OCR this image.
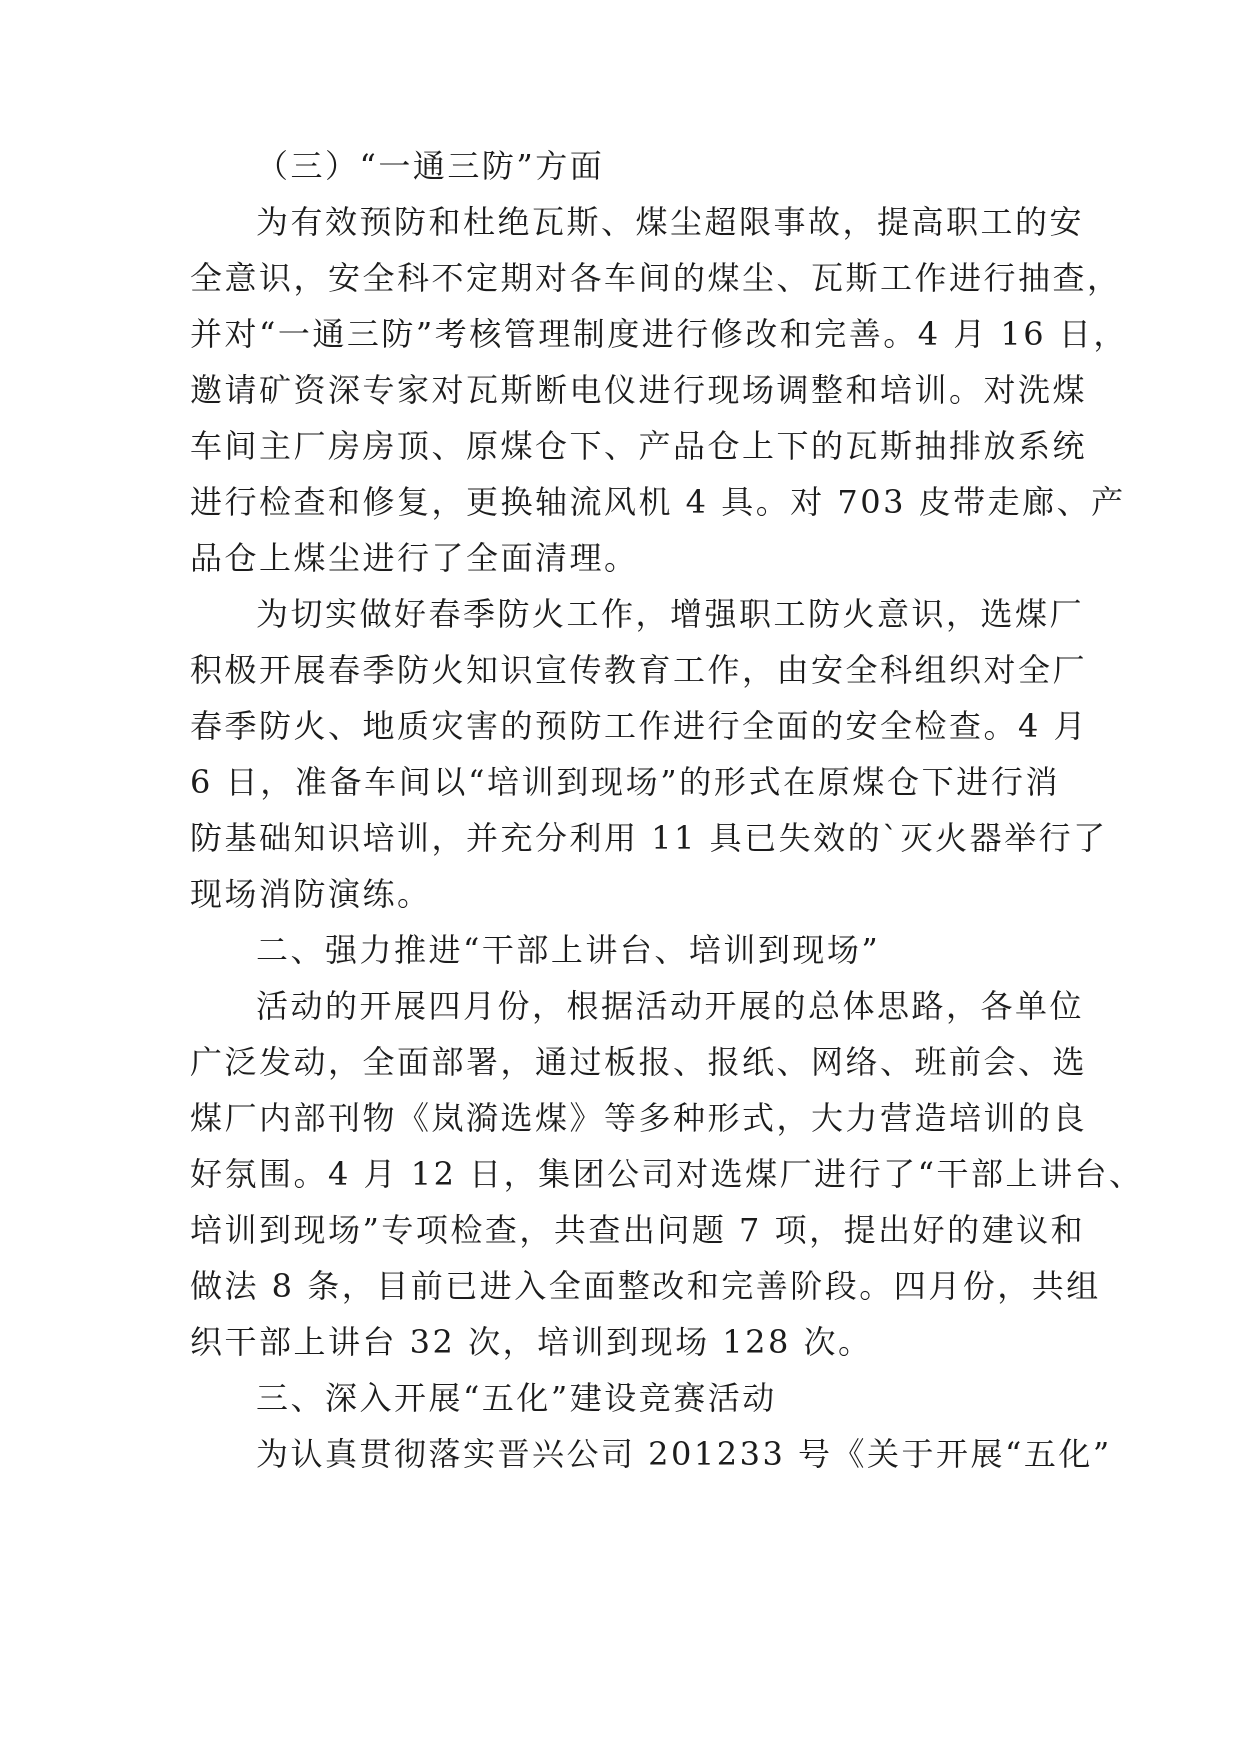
（三）“一通三防”方面
为有效预防和杜绝瓦斯、煤尘超限事故，提高职工的安
全意识，安全科不定期对各车间的煤尘、瓦斯工作进行抽查，
并对“一通三防”考核管理制度进行修改和完善。4 月 16 日，
邀请矿资深专家对瓦斯断电仪进行现场调整和培训。对洗煤
车间主厂房房顶、原煤仓下、产品仓上下的瓦斯抽排放系统
进行检查和修复，更换轴流风机 4 具。对 703 皮带走廊、产
品仓上煤尘进行了全面清理。
为切实做好春季防火工作，增强职工防火意识，选煤厂
积极开展春季防火知识宣传教育工作，由安全科组织对全厂
春季防火、地质灾害的预防工作进行全面的安全检查。4 月
6 日，准备车间以“培训到现场”的形式在原煤仓下进行消
防基础知识培训，并充分利用 11 具已失效的`灭火器举行了
现场消防演练。
二、强力推进“干部上讲台、培训到现场”
活动的开展四月份，根据活动开展的总体思路，各单位
广泛发动，全面部署，通过板报、报纸、网络、班前会、选
煤厂内部刊物《岚漪选煤》等多种形式，大力营造培训的良
好氛围。4 月 12 日，集团公司对选煤厂进行了“干部上讲台、
培训到现场”专项检查，共查出问题 7 项，提出好的建议和
做法 8 条，目前已进入全面整改和完善阶段。四月份，共组
织干部上讲台 32 次，培训到现场 128 次。
三、深入开展“五化”建设竞赛活动
为认真贯彻落实晋兴公司 201233 号《关于开展“五化”
